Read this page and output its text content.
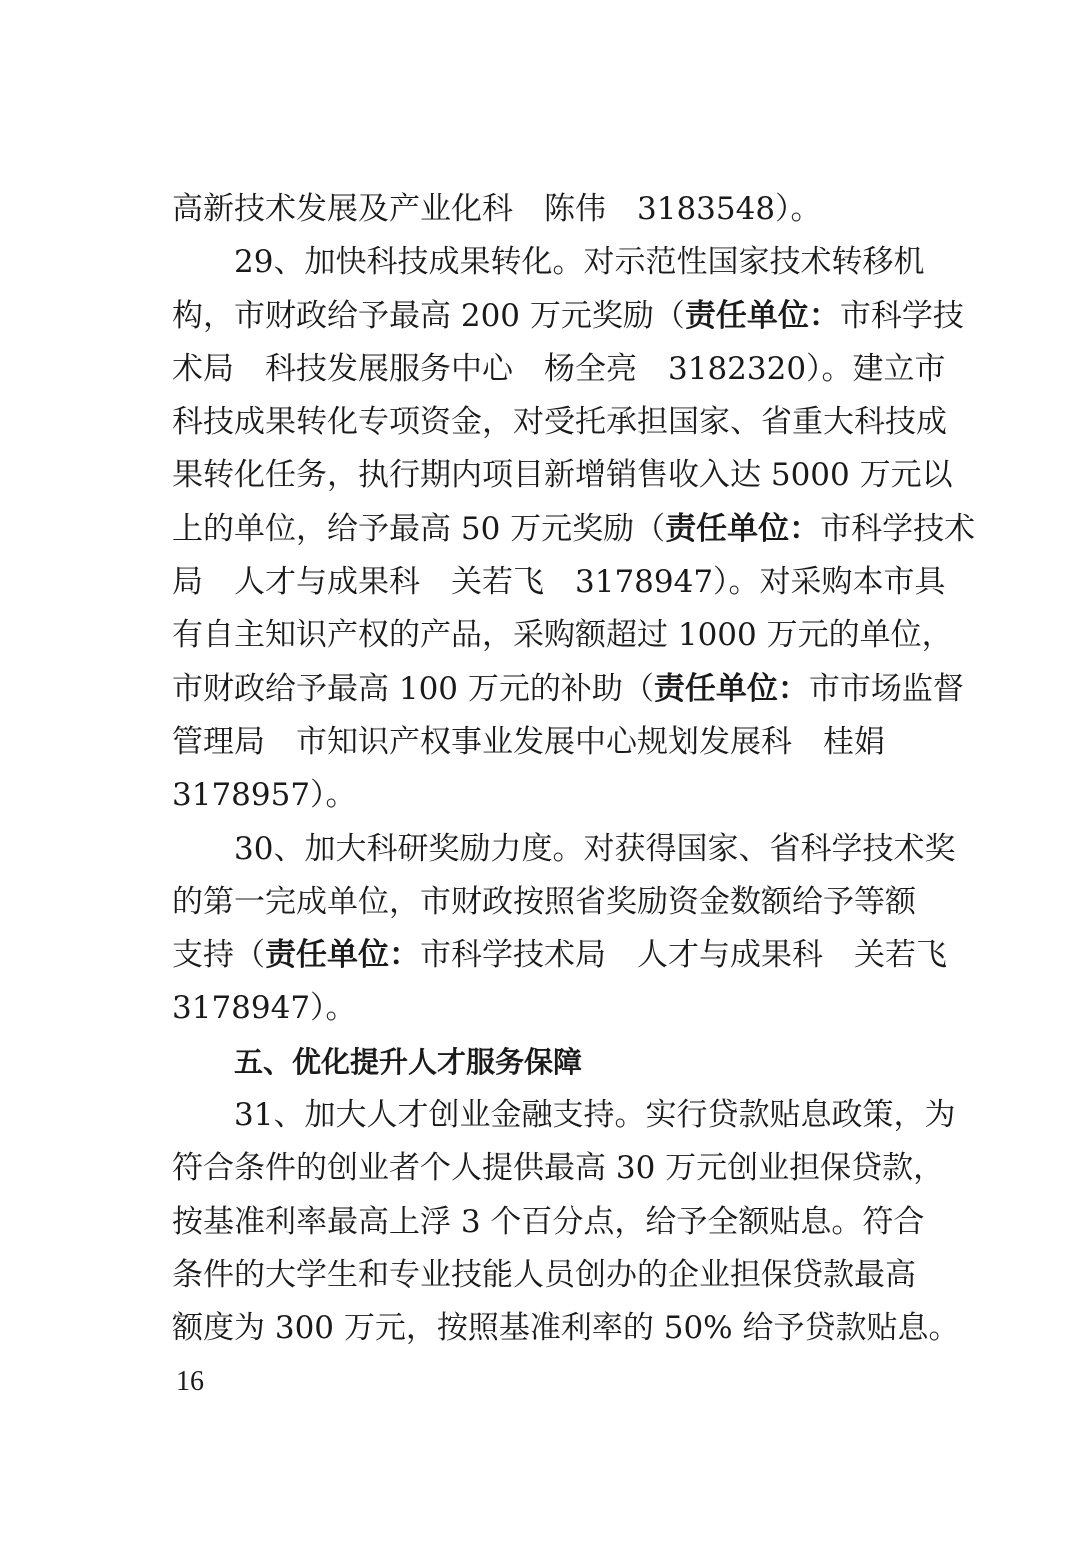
高新技术发展及产业化科　陈伟　3183548）。
29、加快科技成果转化。对示范性国家技术转移机
构，市财政给予最高 200 万元奖励（责任单位：市科学技
术局　科技发展服务中心　杨全亮　3182320）。建立市
科技成果转化专项资金，对受托承担国家、省重大科技成
果转化任务，执行期内项目新增销售收入达 5000 万元以
上的单位，给予最高 50 万元奖励（责任单位：市科学技术
局　人才与成果科　关若飞　3178947）。对采购本市具
有自主知识产权的产品，采购额超过 1000 万元的单位，
市财政给予最高 100 万元的补助（责任单位：市市场监督
管理局　市知识产权事业发展中心规划发展科　桂娟
3178957）。
30、加大科研奖励力度。对获得国家、省科学技术奖
的第一完成单位，市财政按照省奖励资金数额给予等额
支持（责任单位：市科学技术局　人才与成果科　关若飞
3178947）。
五、优化提升人才服务保障
31、加大人才创业金融支持。实行贷款贴息政策，为
符合条件的创业者个人提供最高 30 万元创业担保贷款，
按基准利率最高上浮 3 个百分点，给予全额贴息。符合
条件的大学生和专业技能人员创办的企业担保贷款最高
额度为 300 万元，按照基准利率的 50% 给予贷款贴息。
16
